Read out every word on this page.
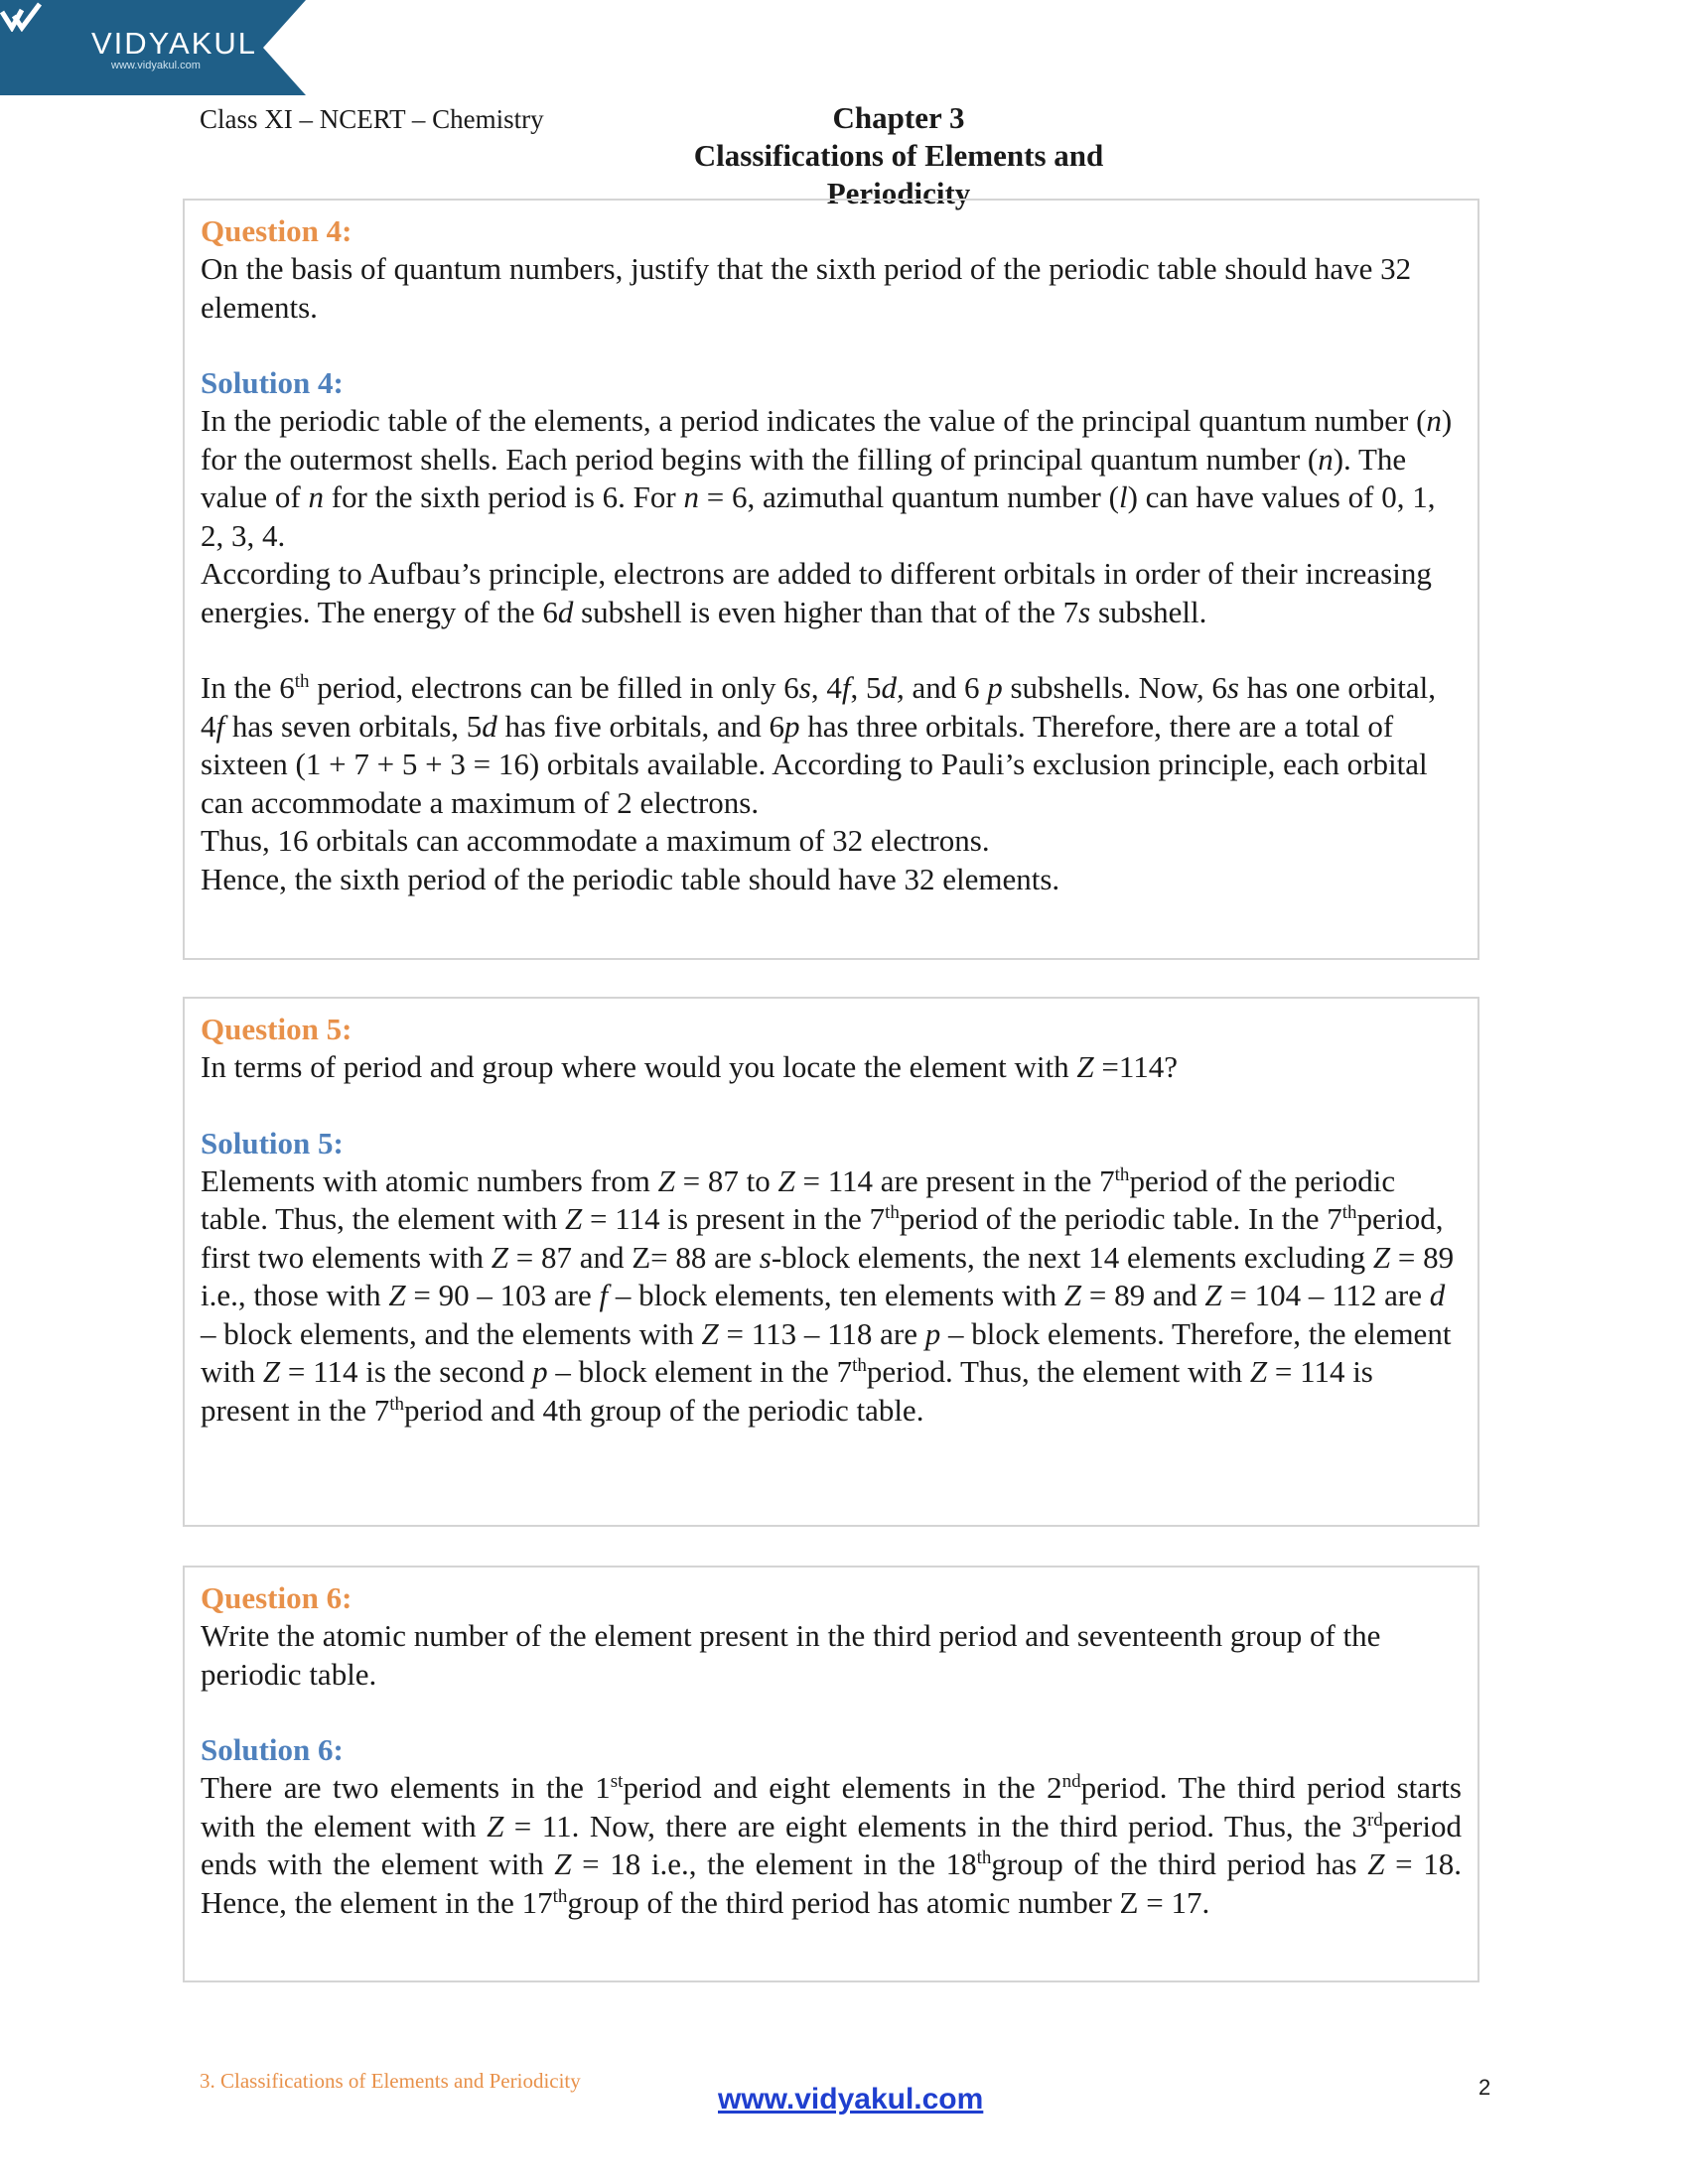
VIDYAKUL
www.vidyakul.com
Class XI – NCERT – Chemistry	Chapter 3
Classifications of Elements and Periodicity
Question 4:

On the basis of quantum numbers, justify that the sixth period of the periodic table should have 32 elements.

Solution 4:

In the periodic table of the elements, a period indicates the value of the principal quantum number (n) for the outermost shells. Each period begins with the filling of principal quantum number (n). The value of n for the sixth period is 6. For n = 6, azimuthal quantum number (l) can have values of 0, 1, 2, 3, 4.

According to Aufbau’s principle, electrons are added to different orbitals in order of their increasing energies. The energy of the 6d subshell is even higher than that of the 7s subshell.

In the 6th period, electrons can be filled in only 6s, 4f, 5d, and 6 p subshells. Now, 6s has one orbital, 4f has seven orbitals, 5d has five orbitals, and 6p has three orbitals. Therefore, there are a total of sixteen (1 + 7 + 5 + 3 = 16) orbitals available. According to Pauli’s exclusion principle, each orbital can accommodate a maximum of 2 electrons.

Thus, 16 orbitals can accommodate a maximum of 32 electrons.

Hence, the sixth period of the periodic table should have 32 elements.

Question 5:

In terms of period and group where would you locate the element with Z =114?

Solution 5:

Elements with atomic numbers from Z = 87 to Z = 114 are present in the 7thperiod of the periodic table. Thus, the element with Z = 114 is present in the 7thperiod of the periodic table. In the 7thperiod, first two elements with Z = 87 and Z= 88 are s-block elements, the next 14 elements excluding Z = 89 i.e., those with Z = 90 – 103 are f – block elements, ten elements with Z = 89 and Z = 104 – 112 are d – block elements, and the elements with Z = 113 – 118 are p – block elements. Therefore, the element with Z = 114 is the second p – block element in the 7thperiod. Thus, the element with Z = 114 is present in the 7thperiod and 4th group of the periodic table.

Question 6:

Write the atomic number of the element present in the third period and seventeenth group of the periodic table.

Solution 6:

There are two elements in the 1stperiod and eight elements in the 2ndperiod. The third period starts with the element with Z = 11. Now, there are eight elements in the third period. Thus, the 3rdperiod ends with the element with Z = 18 i.e., the element in the 18thgroup of the third period has Z = 18. Hence, the element in the 17thgroup of the third period has atomic number Z = 17.

3. Classifications of Elements and Periodicity
www.vidyakul.com	2
